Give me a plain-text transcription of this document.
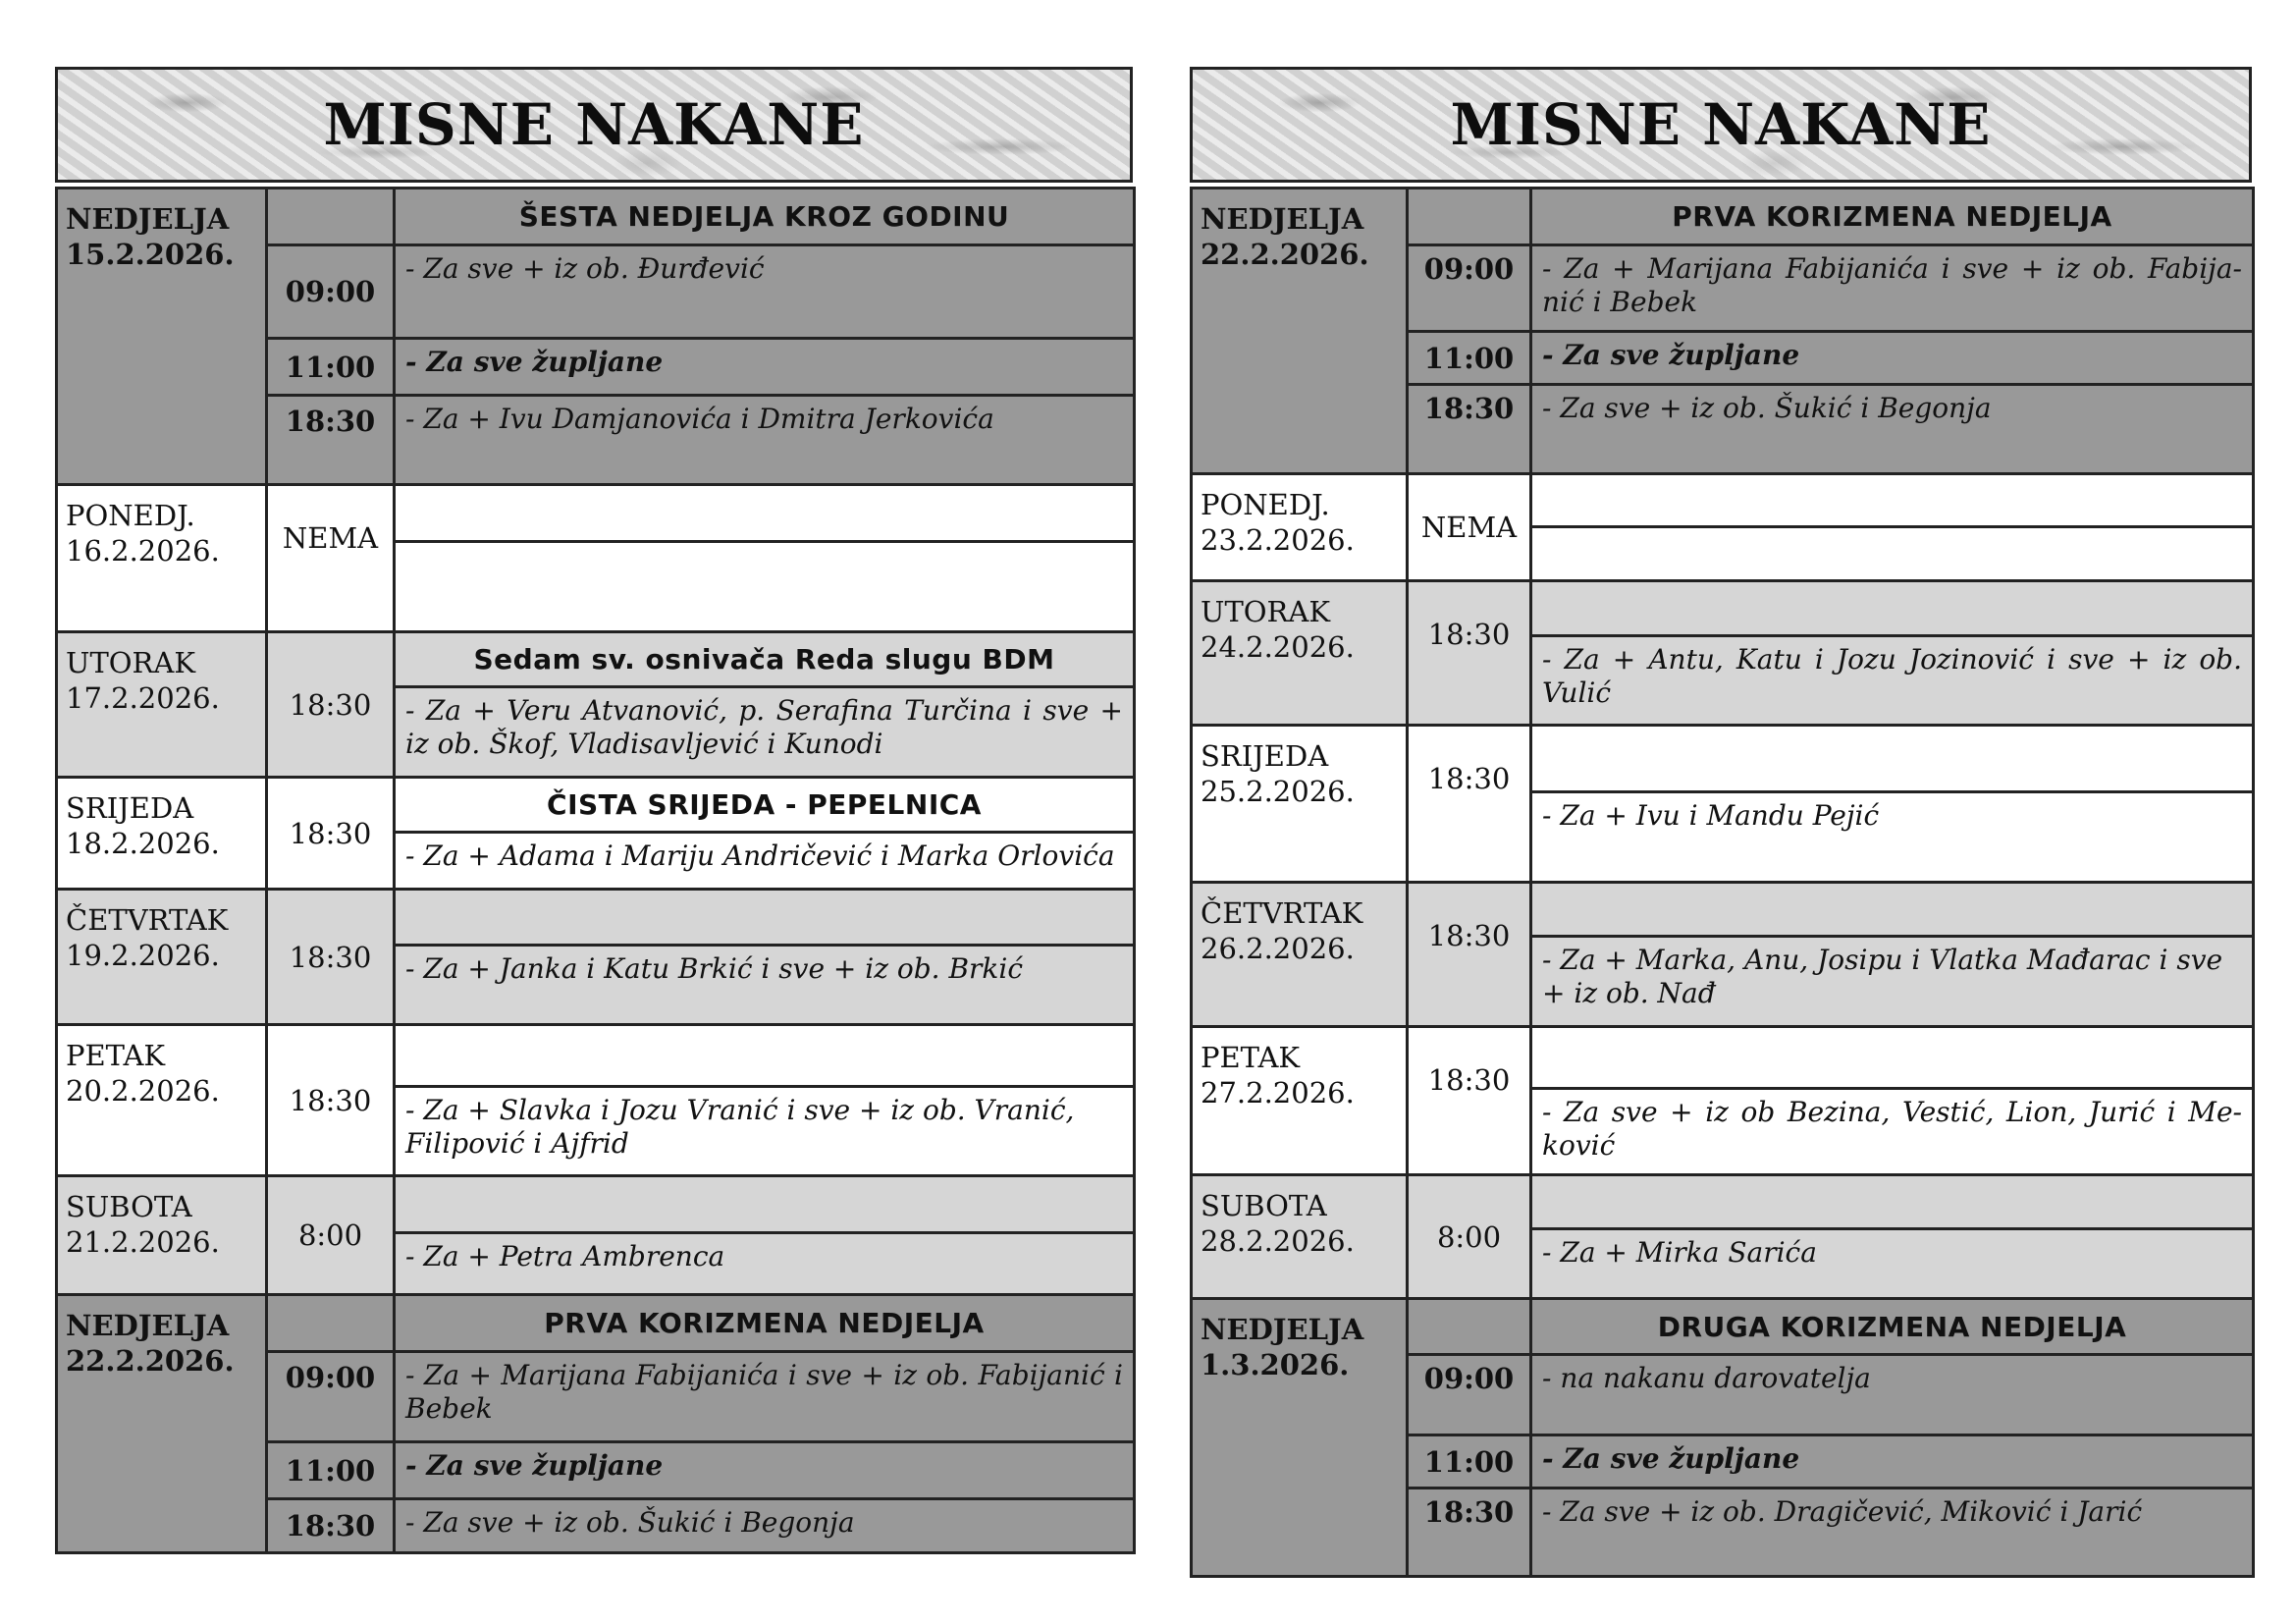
MISNE NAKANE
NEDJELJA
15.2.2026.		ŠESTA NEDJELJA KROZ GODINU
	09:00	- Za sve + iz ob. Đurđević
	11:00	- Za sve župljane
	18:30	- Za + Ivu Damjanovića i Dmitra Jerkovića

PONEDJ.
16.2.2026.	NEMA	

UTORAK
17.2.2026.	18:30	Sedam sv. osnivača Reda slugu BDM
		- Za + Veru Atvanović, p. Serafina Turčina i sve + iz ob. Škof, Vladisavljević i Kunodi

SRIJEDA
18.2.2026.	18:30	ČISTA SRIJEDA - PEPELNICA
		- Za + Adama i Mariju Andričević i Marka Orlovića

ČETVRTAK
19.2.2026.	18:30	
		- Za + Janka i Katu Brkić i sve + iz ob. Brkić

PETAK
20.2.2026.	18:30	
		- Za + Slavka i Jozu Vranić i sve + iz ob. Vranić, Filipović i Ajfrid

SUBOTA
21.2.2026.	8:00	
		- Za + Petra Ambrenca

NEDJELJA
22.2.2026.		PRVA KORIZMENA NEDJELJA
	09:00	- Za + Marijana Fabijanića i sve + iz ob. Fabijanić i Bebek
	11:00	- Za sve župljane
	18:30	- Za sve + iz ob. Šukić i Begonja
MISNE NAKANE
NEDJELJA
22.2.2026.		PRVA KORIZMENA NEDJELJA
	09:00	- Za + Marijana Fabijanića i sve + iz ob. Fabija-nić i Bebek
	11:00	- Za sve župljane
	18:30	- Za sve + iz ob. Šukić i Begonja

PONEDJ.
23.2.2026.	NEMA	

UTORAK
24.2.2026.	18:30	
		- Za + Antu, Katu i Jozu Jozinović i sve + iz ob. Vulić

SRIJEDA
25.2.2026.	18:30	
		- Za + Ivu i Mandu Pejić

ČETVRTAK
26.2.2026.	18:30	
		- Za + Marka, Anu, Josipu i Vlatka Mađarac i sve + iz ob. Nađ

PETAK
27.2.2026.	18:30	
		- Za sve + iz ob Bezina, Vestić, Lion, Jurić i Me-ković

SUBOTA
28.2.2026.	8:00	
		- Za + Mirka Sarića

NEDJELJA
1.3.2026.		DRUGA KORIZMENA NEDJELJA
	09:00	- na nakanu darovatelja
	11:00	- Za sve župljane
	18:30	- Za sve + iz ob. Dragičević, Miković i Jarić
